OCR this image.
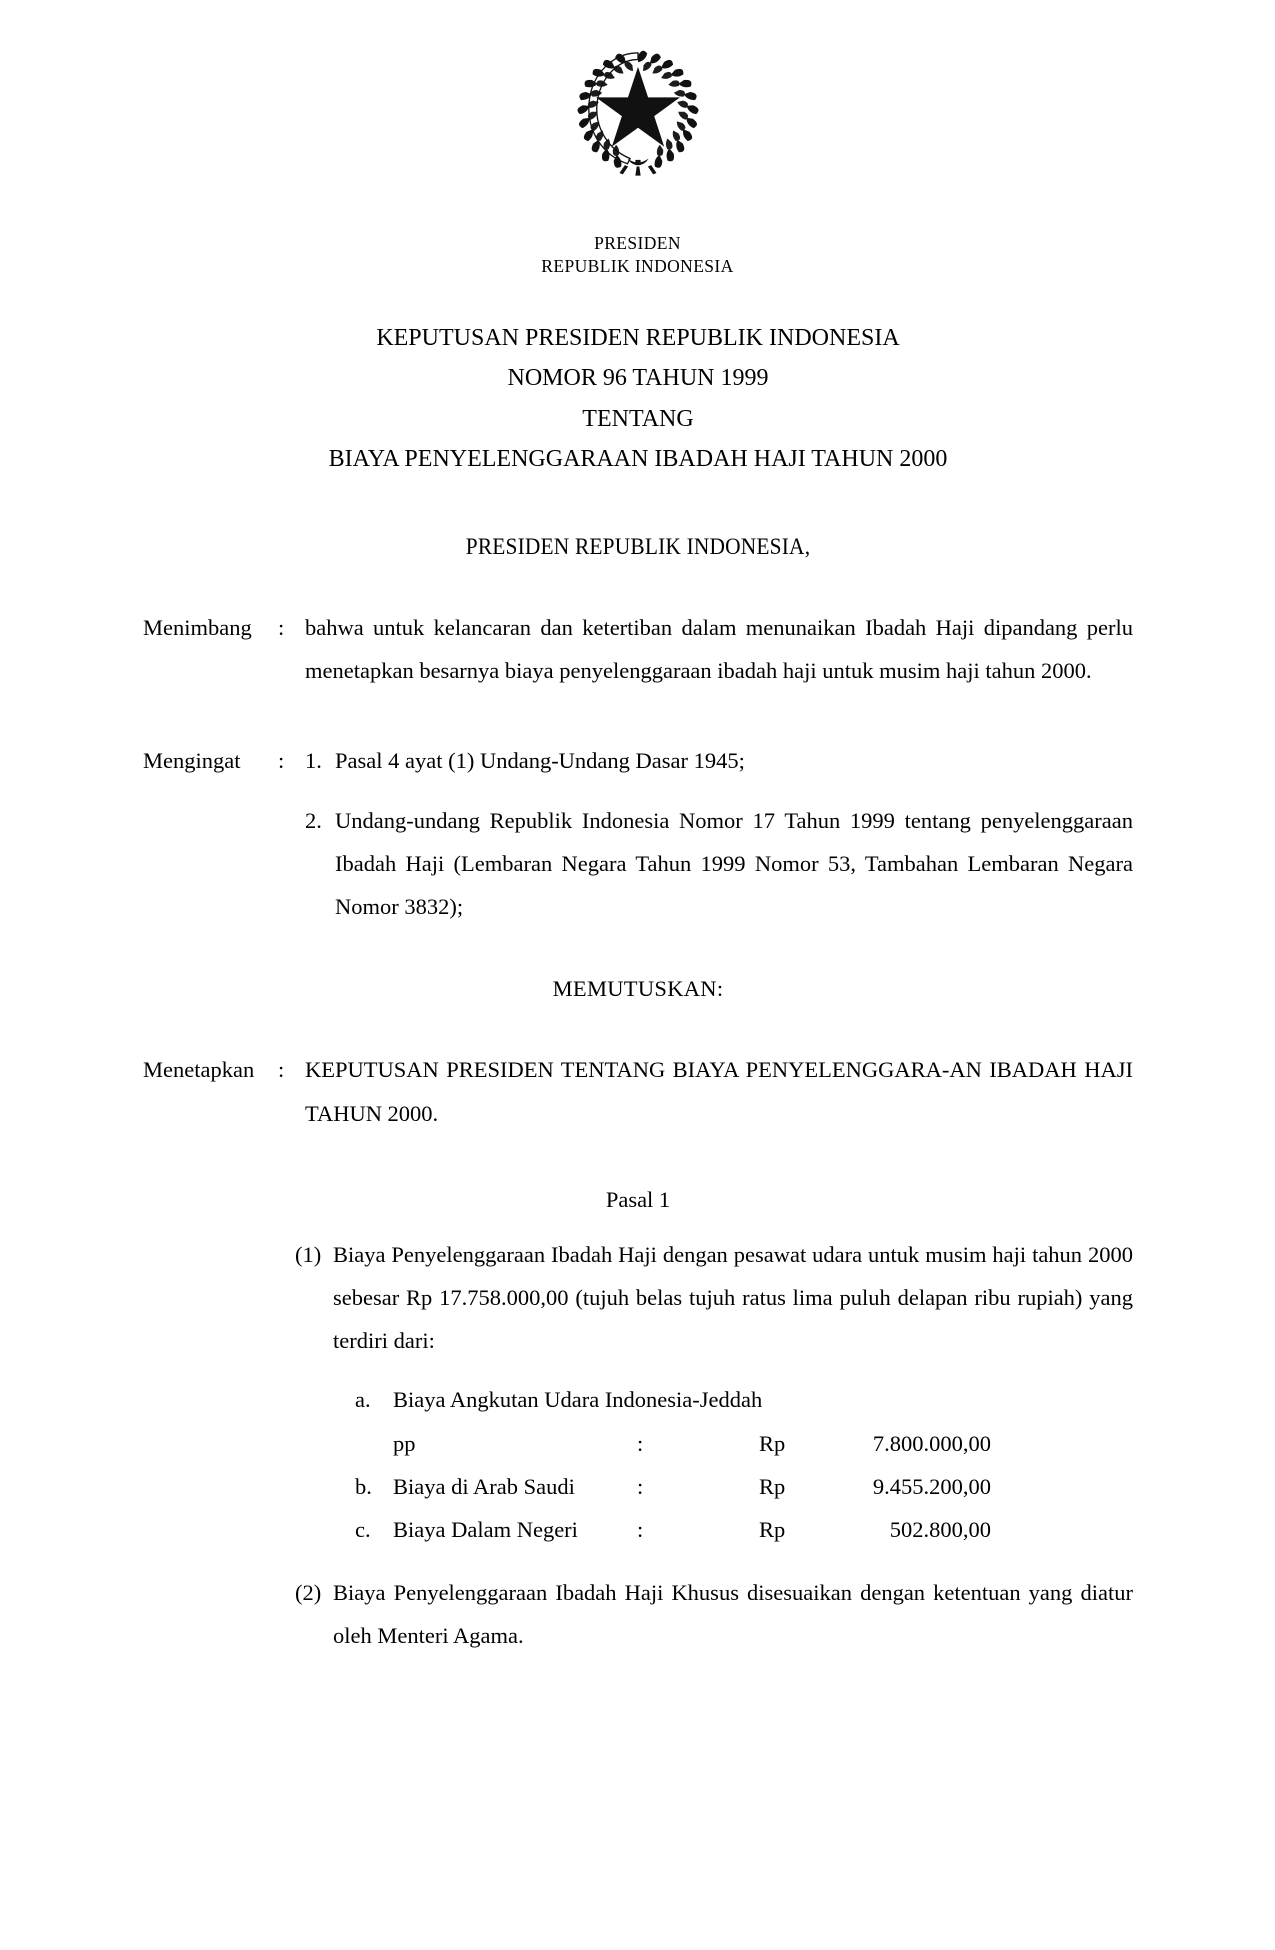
PRESIDEN
REPUBLIK INDONESIA
KEPUTUSAN PRESIDEN REPUBLIK INDONESIA
NOMOR 96 TAHUN 1999
TENTANG
BIAYA PENYELENGGARAAN IBADAH HAJI TAHUN 2000
PRESIDEN REPUBLIK INDONESIA,
Menimbang	: bahwa untuk kelancaran dan ketertiban dalam menunaikan Ibadah Haji dipandang perlu menetapkan besarnya biaya penyelenggaraan ibadah haji untuk musim haji tahun 2000.
Mengingat	: 1. Pasal 4 ayat (1) Undang-Undang Dasar 1945;
2. Undang-undang Republik Indonesia Nomor 17 Tahun 1999 tentang penyelenggaraan Ibadah Haji (Lembaran Negara Tahun 1999 Nomor 53, Tambahan Lembaran Negara Nomor 3832);
MEMUTUSKAN:
Menetapkan	: KEPUTUSAN PRESIDEN TENTANG BIAYA PENYELENGGARA-AN IBADAH HAJI TAHUN 2000.
Pasal 1
(1) Biaya Penyelenggaraan Ibadah Haji dengan pesawat udara untuk musim haji tahun 2000 sebesar Rp 17.758.000,00 (tujuh belas tujuh ratus lima puluh delapan ribu rupiah) yang terdiri dari:
a. Biaya Angkutan Udara Indonesia-Jeddah
pp	:	Rp	7.800.000,00
b. Biaya di Arab Saudi	:	Rp	9.455.200,00
c. Biaya Dalam Negeri	:	Rp	502.800,00
(2) Biaya Penyelenggaraan Ibadah Haji Khusus disesuaikan dengan ketentuan yang diatur oleh Menteri Agama.
